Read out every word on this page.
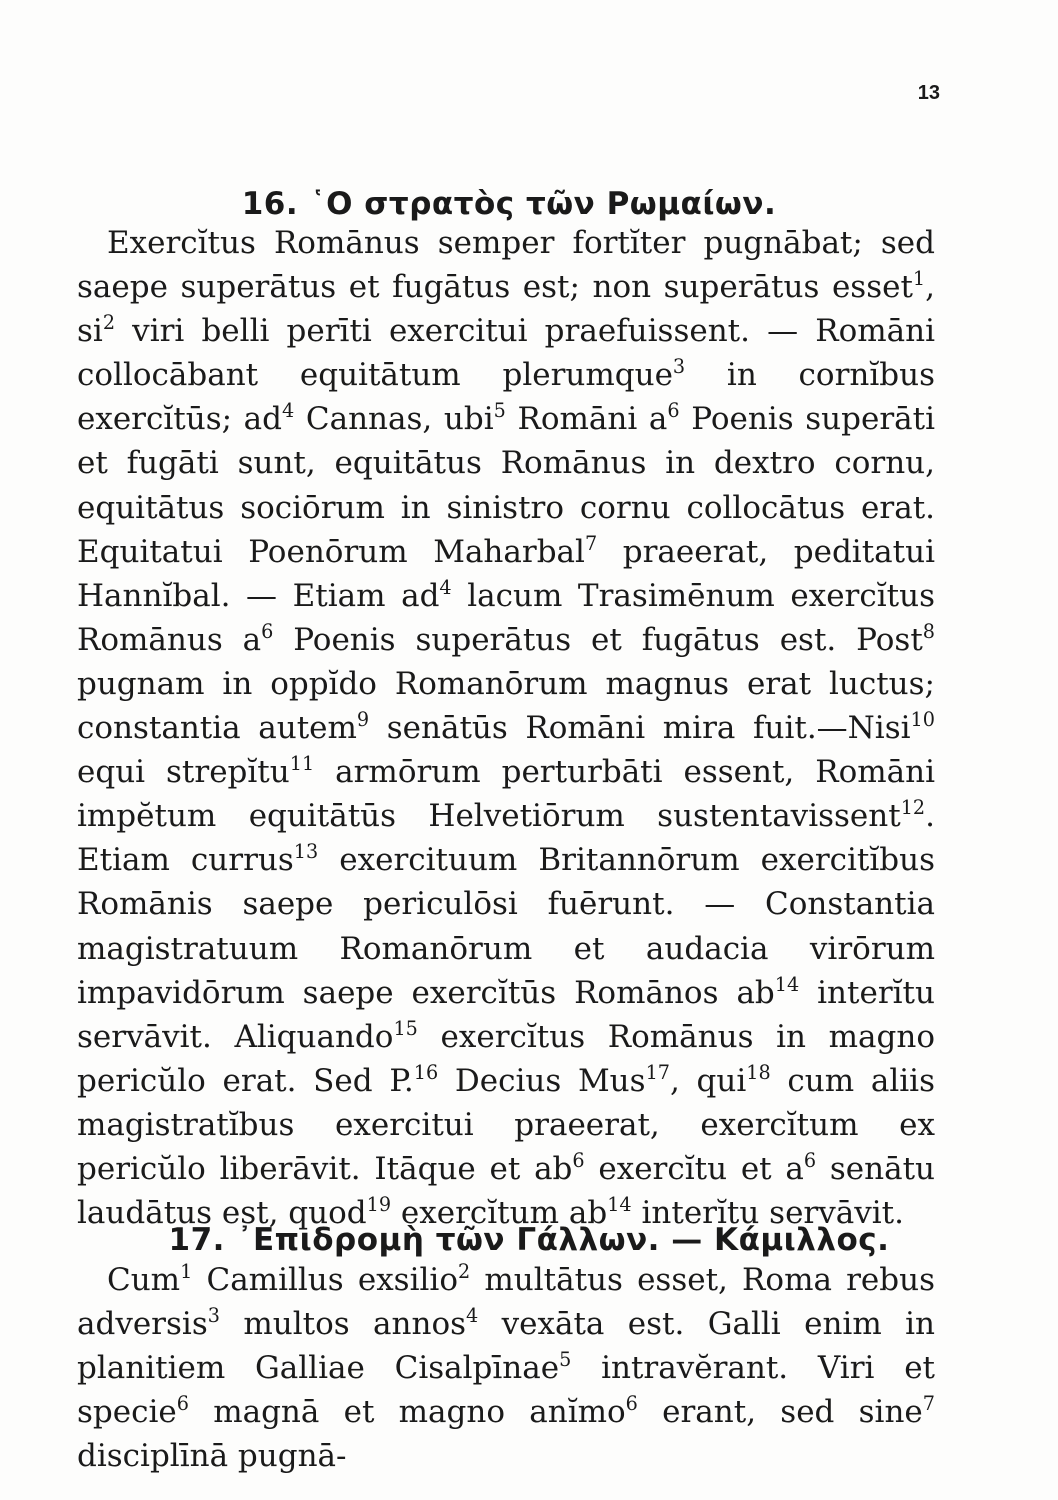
13
16. ῾Ο στρατὸς τῶν Ρωμαίων.

Exercĭtus Romānus semper fortĭter pugnābat; sed saepe superātus et fugātus est; non superātus esset$^1$, $si^2$ viri belli perīti exercitui praefuissent. — Romāni collocābant equitātum plerumque$^3$ in cornĭbus exercĭtūs; $ad^4$ Cannas, ubi$^5$ Romāni $a^6$ Poenis superāti et fugāti sunt, equitātus Romānus in dextro cornu, equitātus sociōrum in sinistro cornu collocātus erat. Equitatui Poenōrum Maharbal$^7$ praeerat, peditatui Hannĭbal. — Etiam $ad^4$ lacum Trasimēnum exercĭtus Romānus $a^6$ Poenis superātus et fugātus est. Post$^8$ pugnam in oppĭdo Romanōrum magnus erat luctus; constantia autem$^9$ senātūs Romāni mira fuit.—Nisi$^{10}$ equi strepĭtu$^{11}$ armōrum perturbāti essent, Romāni impĕtum equitātūs Helvetiōrum sustentavissent$^{12}$. Etiam currus$^{13}$ exercituum Britannōrum exercitĭbus Romānis saepe periculōsi fuērunt. — Constantia magistratuum Romanōrum et audacia virōrum impavidōrum saepe exercĭtūs Romānos $ab^{14}$ interĭtu servāvit. Aliquando$^{15}$ exercĭtus Romānus in magno pericŭlo erat. Sed P.$^{16}$ Decius Mus$^{17}$, qui$^{18}$ cum aliis magistratĭbus exercitui praeerat, exercĭtum ex pericŭlo liberāvit. Itāque et $ab^6$ exercĭtu et $a^6$ senātu laudātus est, quod$^{19}$ exercĭtum $ab^{14}$ interĭtu servāvit.

17. ᾿Επιδρομὴ τῶν Γάλλων. — Κάμιλλος.

Cum$^1$ Camillus exsilio$^2$ multātus esset, Roma rebus adversis$^3$ multos annos$^4$ vexāta est. Galli enim in planitiem Galliae Cisalpīnae$^5$ intravĕrant. Viri et specie$^6$ magnā et magno anĭmo$^6$ erant, sed sine$^7$ disciplīnā pugnā-
